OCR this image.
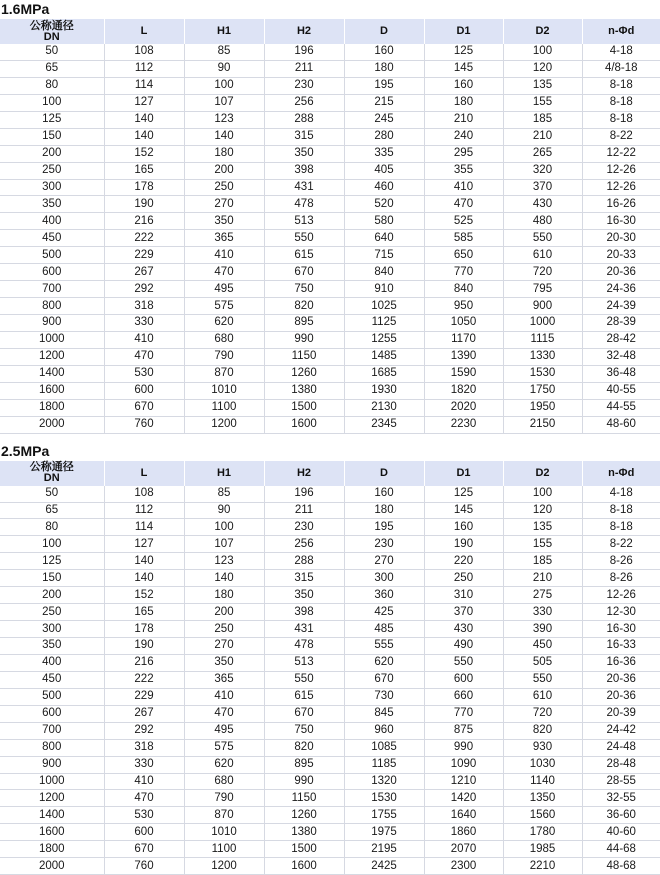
1.6MPa
公称通径
DN	L	H1	H2	D	D1	D2	n-Φd
50	108	85	196	160	125	100	4-18
65	112	90	211	180	145	120	4/8-18
80	114	100	230	195	160	135	8-18
100	127	107	256	215	180	155	8-18
125	140	123	288	245	210	185	8-18
150	140	140	315	280	240	210	8-22
200	152	180	350	335	295	265	12-22
250	165	200	398	405	355	320	12-26
300	178	250	431	460	410	370	12-26
350	190	270	478	520	470	430	16-26
400	216	350	513	580	525	480	16-30
450	222	365	550	640	585	550	20-30
500	229	410	615	715	650	610	20-33
600	267	470	670	840	770	720	20-36
700	292	495	750	910	840	795	24-36
800	318	575	820	1025	950	900	24-39
900	330	620	895	1125	1050	1000	28-39
1000	410	680	990	1255	1170	1115	28-42
1200	470	790	1150	1485	1390	1330	32-48
1400	530	870	1260	1685	1590	1530	36-48
1600	600	1010	1380	1930	1820	1750	40-55
1800	670	1100	1500	2130	2020	1950	44-55
2000	760	1200	1600	2345	2230	2150	48-60
2.5MPa
公称通径
DN	L	H1	H2	D	D1	D2	n-Φd
50	108	85	196	160	125	100	4-18
65	112	90	211	180	145	120	8-18
80	114	100	230	195	160	135	8-18
100	127	107	256	230	190	155	8-22
125	140	123	288	270	220	185	8-26
150	140	140	315	300	250	210	8-26
200	152	180	350	360	310	275	12-26
250	165	200	398	425	370	330	12-30
300	178	250	431	485	430	390	16-30
350	190	270	478	555	490	450	16-33
400	216	350	513	620	550	505	16-36
450	222	365	550	670	600	550	20-36
500	229	410	615	730	660	610	20-36
600	267	470	670	845	770	720	20-39
700	292	495	750	960	875	820	24-42
800	318	575	820	1085	990	930	24-48
900	330	620	895	1185	1090	1030	28-48
1000	410	680	990	1320	1210	1140	28-55
1200	470	790	1150	1530	1420	1350	32-55
1400	530	870	1260	1755	1640	1560	36-60
1600	600	1010	1380	1975	1860	1780	40-60
1800	670	1100	1500	2195	2070	1985	44-68
2000	760	1200	1600	2425	2300	2210	48-68
